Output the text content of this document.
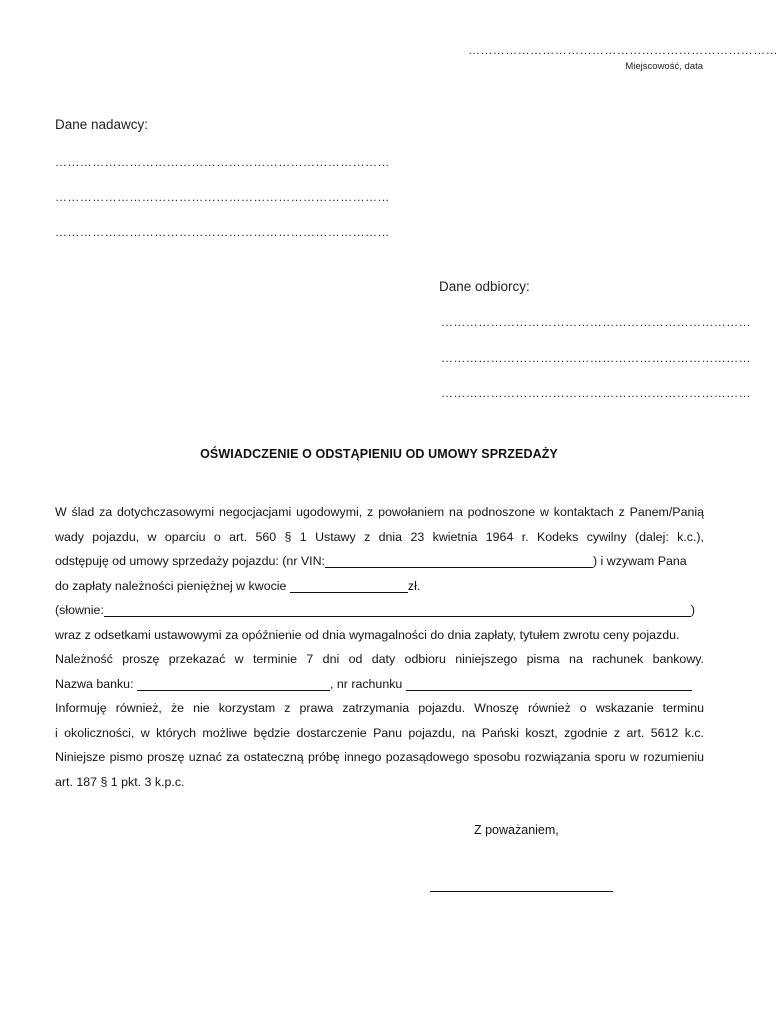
…………………………………………………………………
Miejscowość, data
Dane nadawcy:
………………………………………………………………………
………………………………………………………………………
………………………………………………………………………
Dane odbiorcy:
…………………………………………………………………
…………………………………………………………………
…………………………………………………………………
OŚWIADCZENIE O ODSTĄPIENIU OD UMOWY SPRZEDAŻY
W ślad za dotychczasowymi negocjacjami ugodowymi, z powołaniem na podnoszone w kontaktach z Panem/Panią
wady pojazdu, w oparciu o art. 560 § 1 Ustawy z dnia 23 kwietnia 1964 r. Kodeks cywilny (dalej: k.c.),
odstępuję od umowy sprzedaży pojazdu: (nr VIN:	) i wzywam Pana
do zapłaty należności pieniężnej w kwocie	zł.
(słownie:	)
wraz z odsetkami ustawowymi za opóźnienie od dnia wymagalności do dnia zapłaty, tytułem zwrotu ceny pojazdu.
Należność proszę przekazać w terminie 7 dni od daty odbioru niniejszego pisma na rachunek bankowy.
Nazwa banku:	, nr rachunku
Informuję również, że nie korzystam z prawa zatrzymania pojazdu. Wnoszę również o wskazanie terminu
i okoliczności, w których możliwe będzie dostarczenie Panu pojazdu, na Pański koszt, zgodnie z art. 5612 k.c.
Niniejsze pismo proszę uznać za ostateczną próbę innego pozasądowego sposobu rozwiązania sporu w rozumieniu
art. 187 § 1 pkt. 3 k.p.c.
Z poważaniem,
